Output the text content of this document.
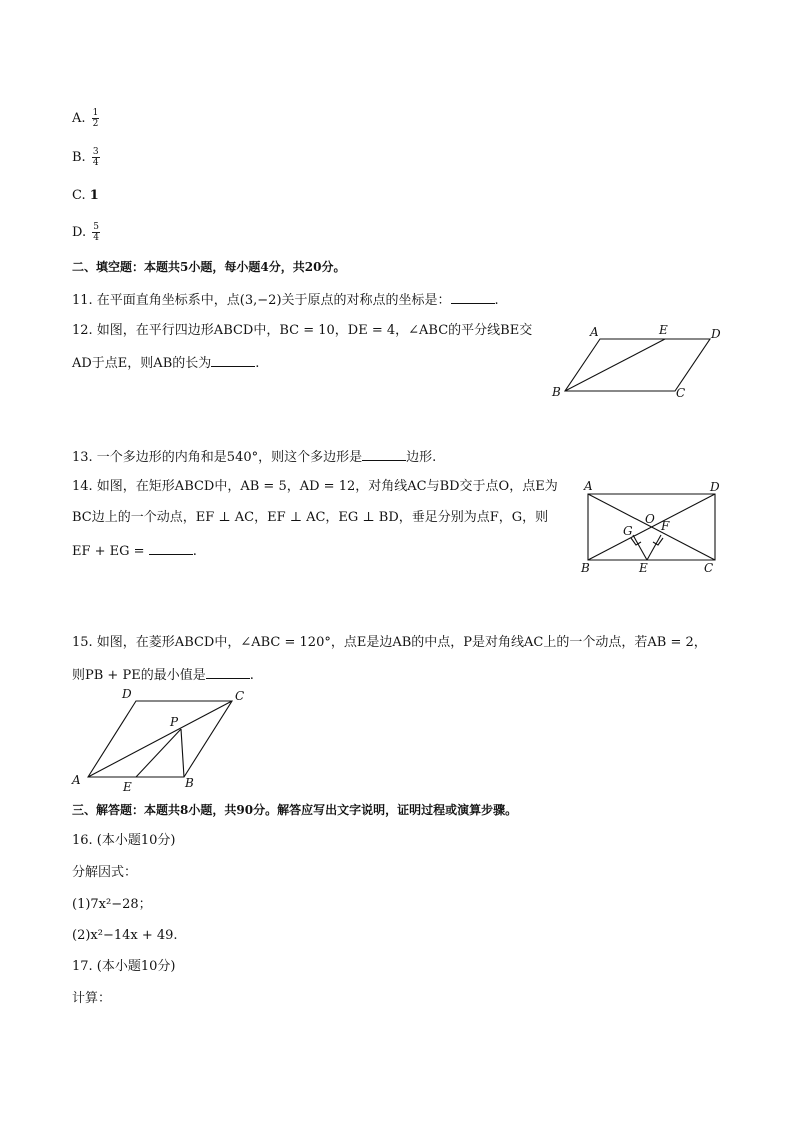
A. $\frac{1}{2}$
B. $\frac{3}{4}$
C. 1
D. $\frac{5}{4}$
二、填空题：本题共5小题，每小题4分，共20分。
11. 在平面直角坐标系中，点(3,−2)关于原点的对称点的坐标是：	.
12. 如图，在平行四边形ABCD中，BC = 10，DE = 4，∠ABC的平分线BE交
AD于点E，则AB的长为	.
A	E	D
B	C
13. 一个多边形的内角和是540°，则这个多边形是	边形.
14. 如图，在矩形ABCD中，AB = 5，AD = 12，对角线AC与BD交于点O，点E为
BC边上的一个动点，EF ⊥ AC，EF ⊥ AC，EG ⊥ BD，垂足分别为点F，G，则
EF + EG =	.
A	D
O
G F
B	E	C
15. 如图，在菱形ABCD中，∠ABC = 120°，点E是边AB的中点，P是对角线AC上的一个动点，若AB = 2，
则PB + PE的最小值是	.
D	C
P
A	E	B
三、解答题：本题共8小题，共90分。解答应写出文字说明，证明过程或演算步骤。
16. (本小题10分)
分解因式：
(1)7x²−28；
(2)x²−14x + 49.
17. (本小题10分)
计算：
